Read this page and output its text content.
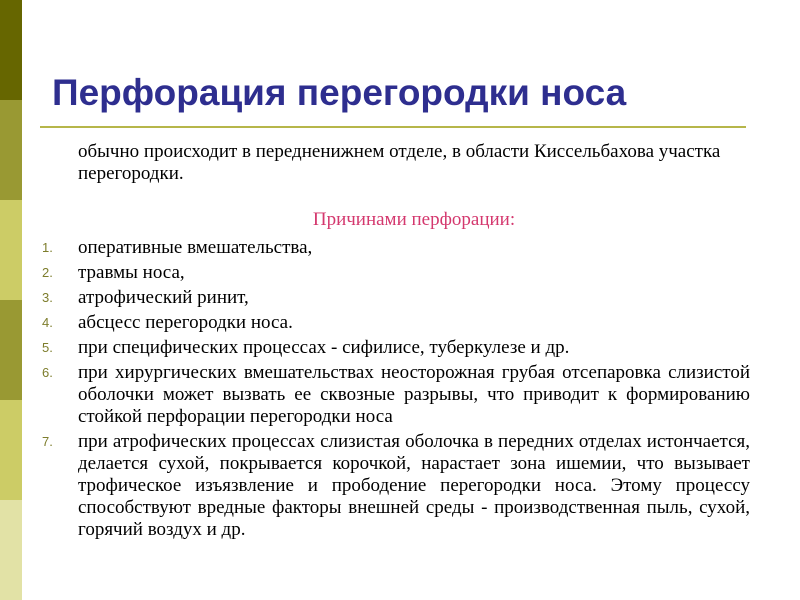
Перфорация перегородки носа
обычно происходит в передненижнем отделе, в области Киссельбахова участка перегородки.
Причинами перфорации:
1. оперативные вмешательства,
2. травмы носа,
3. атрофический ринит,
4. абсцесс перегородки носа.
5. при специфических процессах - сифилисе, туберкулезе и др.
6. при хирургических вмешательствах неосторожная грубая отсепаровка слизистой оболочки может вызвать ее сквозные разрывы, что приводит к формированию стойкой перфорации перегородки носа
7. при атрофических процессах слизистая оболочка в передних отделах истончается, делается сухой, покрывается корочкой, нарастает зона ишемии, что вызывает трофическое изъязвление и прободение перегородки носа. Этому процессу способствуют вредные факторы внешней среды - производственная пыль, сухой, горячий воздух и др.
